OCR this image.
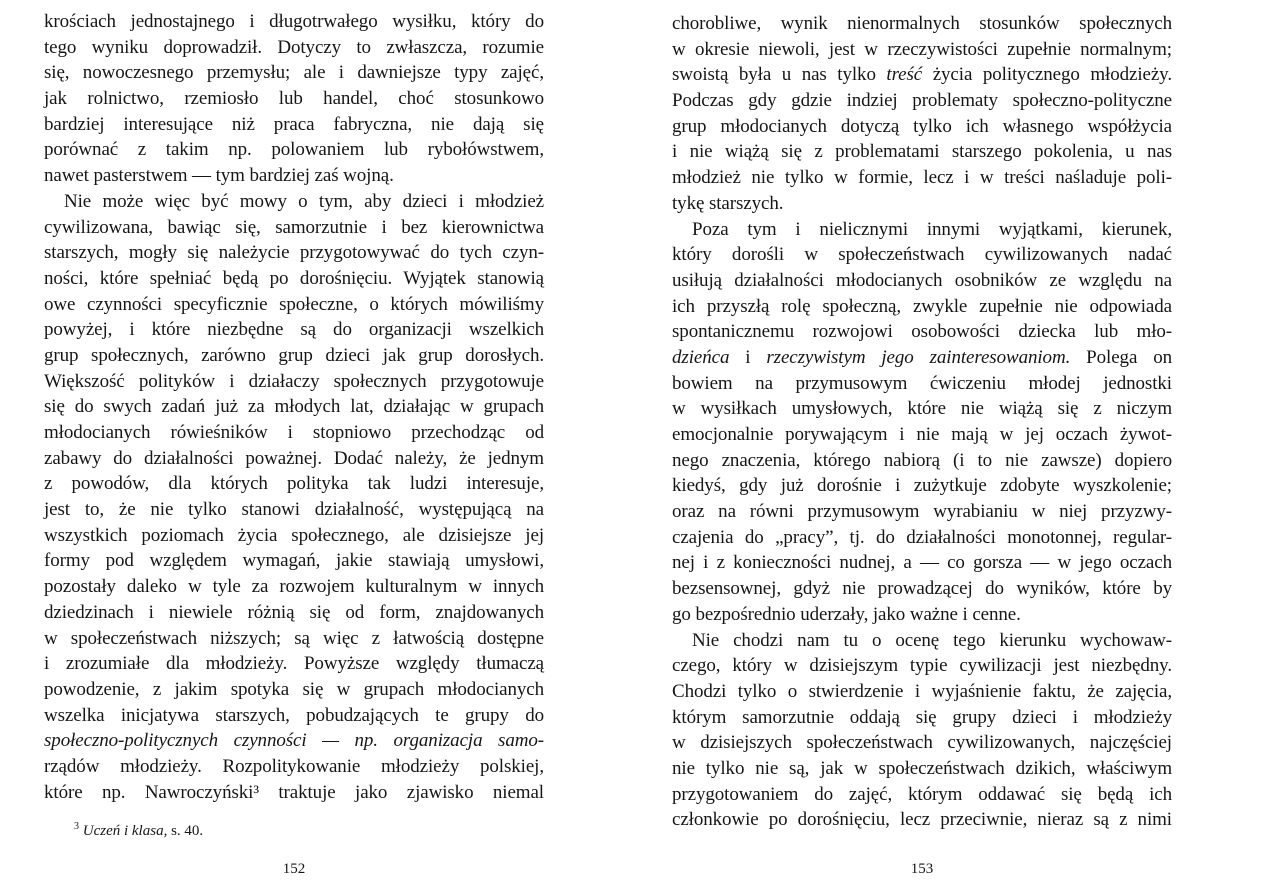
krościach jednostajnego i długotrwałego wysiłku, który do
tego wyniku doprowadził. Dotyczy to zwłaszcza, rozumie
się, nowoczesnego przemysłu; ale i dawniejsze typy zajęć,
jak rolnictwo, rzemiosło lub handel, choć stosunkowo
bardziej interesujące niż praca fabryczna, nie dają się
porównać z takim np. polowaniem lub rybołówstwem,
nawet pasterstwem — tym bardziej zaś wojną.
Nie może więc być mowy o tym, aby dzieci i młodzież
cywilizowana, bawiąc się, samorzutnie i bez kierownictwa
starszych, mogły się należycie przygotowywać do tych czyn-
ności, które spełniać będą po dorośnięciu. Wyjątek stanowią
owe czynności specyficznie społeczne, o których mówiliśmy
powyżej, i które niezbędne są do organizacji wszelkich
grup społecznych, zarówno grup dzieci jak grup dorosłych.
Większość polityków i działaczy społecznych przygotowuje
się do swych zadań już za młodych lat, działając w grupach
młodocianych rówieśników i stopniowo przechodząc od
zabawy do działalności poważnej. Dodać należy, że jednym
z powodów, dla których polityka tak ludzi interesuje,
jest to, że nie tylko stanowi działalność, występującą na
wszystkich poziomach życia społecznego, ale dzisiejsze jej
formy pod względem wymagań, jakie stawiają umysłowi,
pozostały daleko w tyle za rozwojem kulturalnym w innych
dziedzinach i niewiele różnią się od form, znajdowanych
w społeczeństwach niższych; są więc z łatwością dostępne
i zrozumiałe dla młodzieży. Powyższe względy tłumaczą
powodzenie, z jakim spotyka się w grupach młodocianych
wszelka inicjatywa starszych, pobudzających te grupy do
społeczno-politycznych czynności — np. organizacja samo-
rządów młodzieży. Rozpolitykowanie młodzieży polskiej,
które np. Nawroczyński³ traktuje jako zjawisko niemal
$^3$ Uczeń i klasa, s. 40.
152
chorobliwe, wynik nienormalnych stosunków społecznych
w okresie niewoli, jest w rzeczywistości zupełnie normalnym;
swoistą była u nas tylko treść życia politycznego młodzieży.
Podczas gdy gdzie indziej problematy społeczno-polityczne
grup młodocianych dotyczą tylko ich własnego współżycia
i nie wiążą się z problematami starszego pokolenia, u nas
młodzież nie tylko w formie, lecz i w treści naśladuje poli-
tykę starszych.
Poza tym i nielicznymi innymi wyjątkami, kierunek,
który dorośli w społeczeństwach cywilizowanych nadać
usiłują działalności młodocianych osobników ze względu na
ich przyszłą rolę społeczną, zwykle zupełnie nie odpowiada
spontanicznemu rozwojowi osobowości dziecka lub mło-
dzieńca i rzeczywistym jego zainteresowaniom. Polega on
bowiem na przymusowym ćwiczeniu młodej jednostki
w wysiłkach umysłowych, które nie wiążą się z niczym
emocjonalnie porywającym i nie mają w jej oczach żywot-
nego znaczenia, którego nabiorą (i to nie zawsze) dopiero
kiedyś, gdy już dorośnie i zużytkuje zdobyte wyszkolenie;
oraz na równi przymusowym wyrabianiu w niej przyzwy-
czajenia do „pracy”, tj. do działalności monotonnej, regular-
nej i z konieczności nudnej, a — co gorsza — w jego oczach
bezsensownej, gdyż nie prowadzącej do wyników, które by
go bezpośrednio uderzały, jako ważne i cenne.
Nie chodzi nam tu o ocenę tego kierunku wychowaw-
czego, który w dzisiejszym typie cywilizacji jest niezbędny.
Chodzi tylko o stwierdzenie i wyjaśnienie faktu, że zajęcia,
którym samorzutnie oddają się grupy dzieci i młodzieży
w dzisiejszych społeczeństwach cywilizowanych, najczęściej
nie tylko nie są, jak w społeczeństwach dzikich, właściwym
przygotowaniem do zajęć, którym oddawać się będą ich
członkowie po dorośnięciu, lecz przeciwnie, nieraz są z nimi
153
